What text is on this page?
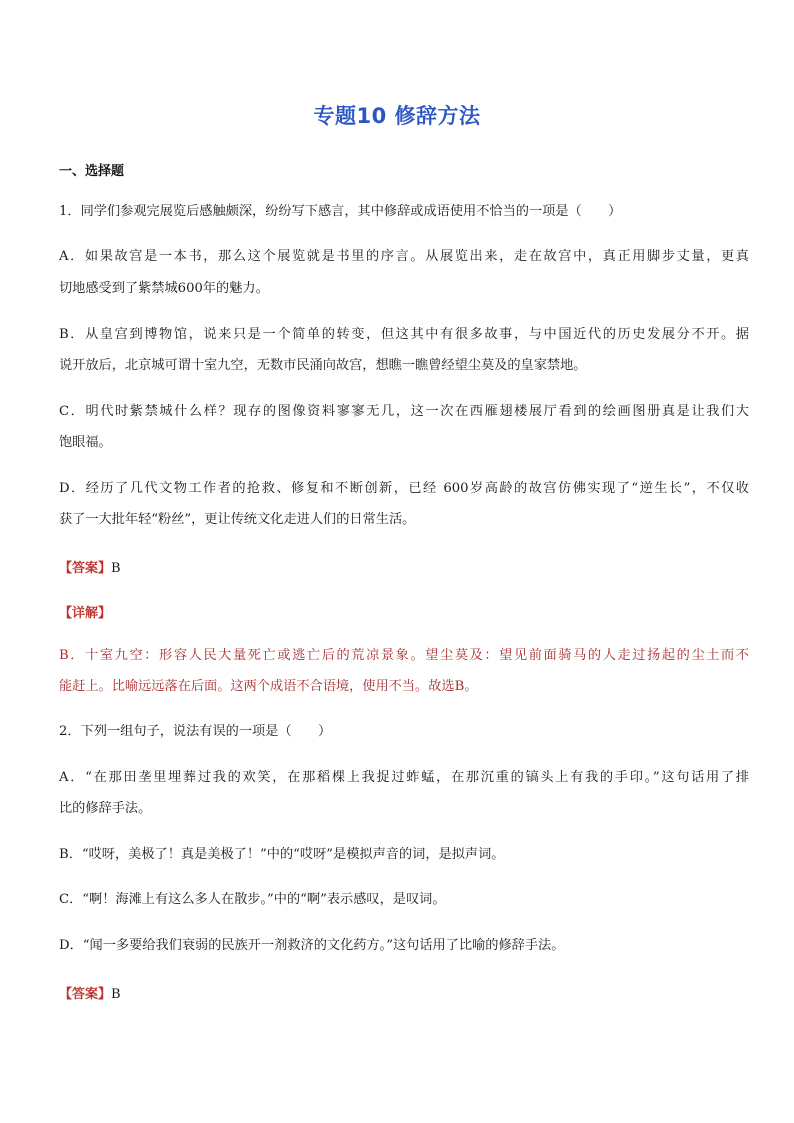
专题10 修辞方法
一、选择题
1．同学们参观完展览后感触颇深，纷纷写下感言，其中修辞或成语使用不恰当的一项是（　　）
A．如果故宫是一本书，那么这个展览就是书里的序言。从展览出来，走在故宫中，真正用脚步丈量，更真
切地感受到了紫禁城600年的魅力。
B．从皇宫到博物馆，说来只是一个简单的转变，但这其中有很多故事，与中国近代的历史发展分不开。据
说开放后，北京城可谓十室九空，无数市民涌向故宫，想瞧一瞧曾经望尘莫及的皇家禁地。
C．明代时紫禁城什么样？现存的图像资料寥寥无几，这一次在西雁翅楼展厅看到的绘画图册真是让我们大
饱眼福。
D．经历了几代文物工作者的抢救、修复和不断创新，已经 600岁高龄的故宫仿佛实现了“逆生长”，不仅收
获了一大批年轻“粉丝”，更让传统文化走进人们的日常生活。
【答案】B
【详解】
B．十室九空：形容人民大量死亡或逃亡后的荒凉景象。望尘莫及：望见前面骑马的人走过扬起的尘土而不
能赶上。比喻远远落在后面。这两个成语不合语境，使用不当。故选B。
2．下列一组句子，说法有误的一项是（　　）
A．“在那田垄里埋葬过我的欢笑，在那稻棵上我捉过蚱蜢，在那沉重的镐头上有我的手印。”这句话用了排
比的修辞手法。
B．“哎呀，美极了！真是美极了！”中的“哎呀”是模拟声音的词，是拟声词。
C．“啊！海滩上有这么多人在散步。”中的“啊”表示感叹，是叹词。
D．“闻一多要给我们衰弱的民族开一剂救济的文化药方。”这句话用了比喻的修辞手法。
【答案】B
